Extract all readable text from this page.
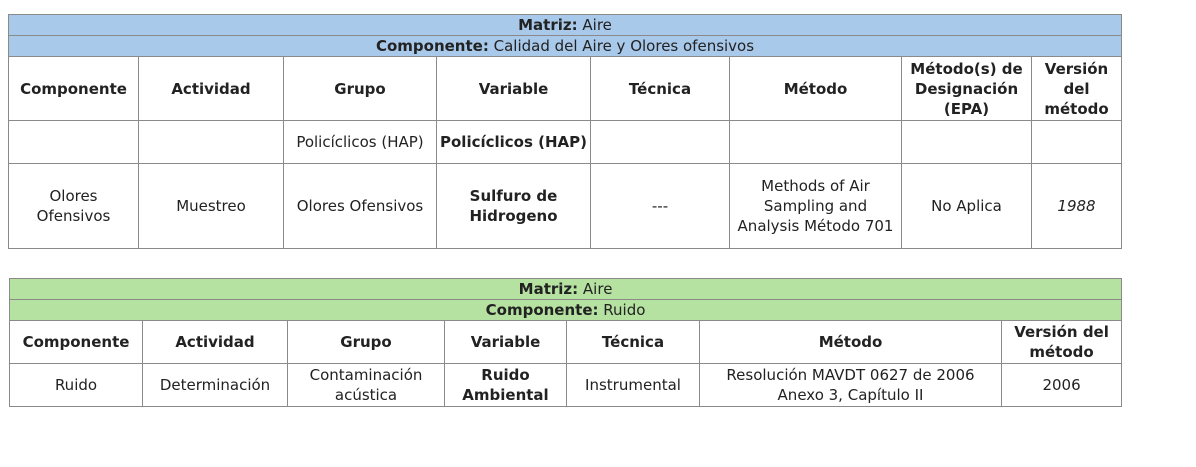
Matriz: Aire							
Componente: Calidad del Aire y Olores ofensivos							
Componente	Actividad	Grupo	Variable	Técnica	Método	Método(s) de Designación (EPA)	Versión del método
		Policíclicos (HAP)	Policíclicos (HAP)				
Olores Ofensivos	Muestreo	Olores Ofensivos	Sulfuro de Hidrogeno	---	Methods of Air Sampling and Analysis Método 701	No Aplica	1988
Matriz: Aire						
Componente: Ruido						
Componente	Actividad	Grupo	Variable	Técnica	Método	Versión del método
Ruido	Determinación	Contaminación acústica	Ruido Ambiental	Instrumental	Resolución MAVDT 0627 de 2006 Anexo 3, Capítulo II	2006
